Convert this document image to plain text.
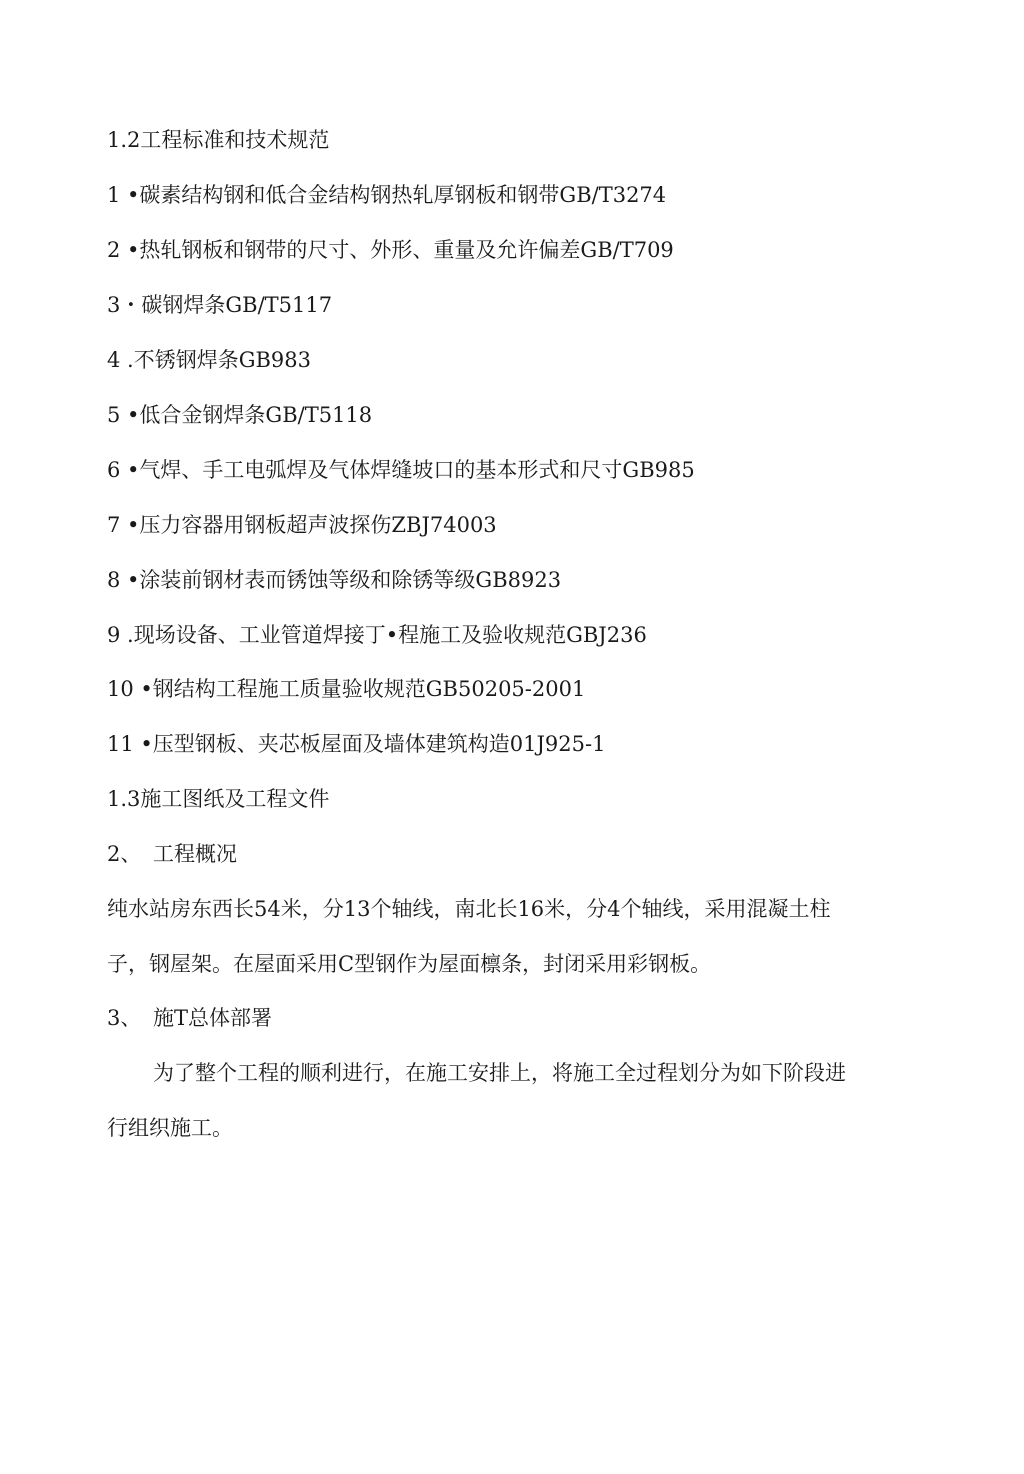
1.2工程标准和技术规范
1 •碳素结构钢和低合金结构钢热轧厚钢板和钢带GB/T3274
2 •热轧钢板和钢带的尺寸、外形、重量及允许偏差GB/T709
3・碳钢焊条GB/T5117
4 .不锈钢焊条GB983
5 •低合金钢焊条GB/T5118
6 •气焊、手工电弧焊及气体焊缝坡口的基本形式和尺寸GB985
7 •压力容器用钢板超声波探伤ZBJ74003
8 •涂装前钢材表而锈蚀等级和除锈等级GB8923
9 .现场设备、工业管道焊接丁•程施工及验收规范GBJ236
10 •钢结构工程施工质量验收规范GB50205-2001
11 •压型钢板、夹芯板屋面及墙体建筑构造01J925-1
1.3施工图纸及工程文件
2、 工程概况
纯水站房东西长54米，分13个轴线，南北长16米，分4个轴线，采用混凝土柱
子，钢屋架。在屋面采用C型钢作为屋面檩条，封闭采用彩钢板。
3、 施T总体部署
为了整个工程的顺利进行，在施工安排上，将施工全过程划分为如下阶段进
行组织施工。
